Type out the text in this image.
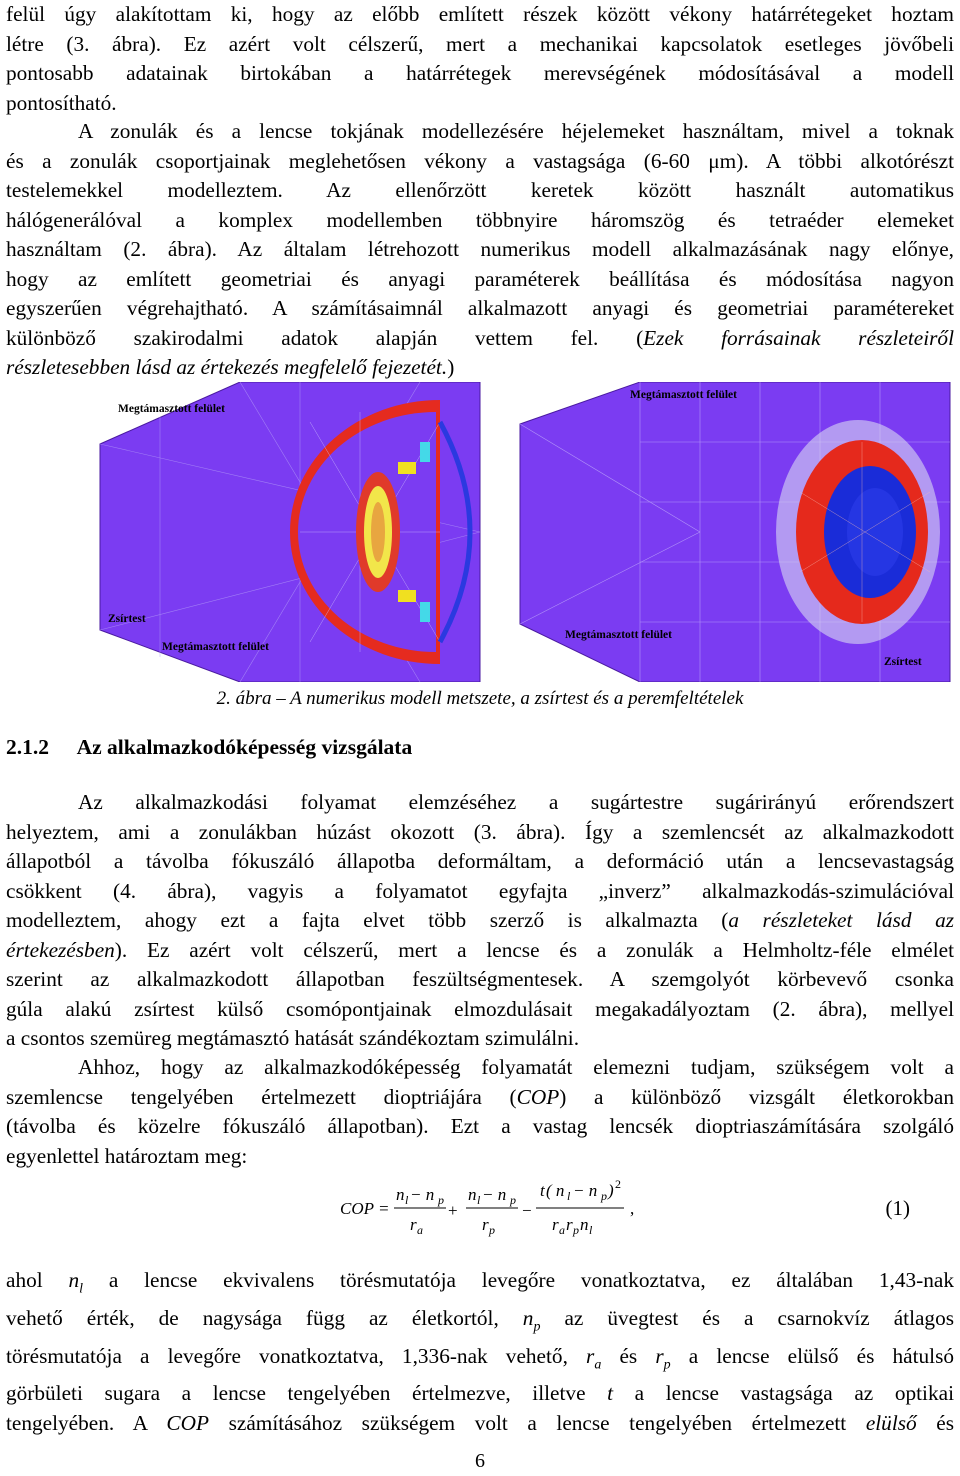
felül úgy alakítottam ki, hogy az előbb említett részek között vékony határrétegeket hoztam
létre (3. ábra). Ez azért volt célszerű, mert a mechanikai kapcsolatok esetleges jövőbeli
pontosabb adatainak birtokában a határrétegek merevségének módosításával a modell
pontosítható.
A zonulák és a lencse tokjának modellezésére héjelemeket használtam, mivel a toknak
és a zonulák csoportjainak meglehetősen vékony a vastagsága (6-60 μm). A többi alkotórészt
testelemekkel modelleztem. Az ellenőrzött keretek között használt automatikus
hálógenerálóval a komplex modellemben többnyire háromszög és tetraéder elemeket
használtam (2. ábra). Az általam létrehozott numerikus modell alkalmazásának nagy előnye,
hogy az említett geometriai és anyagi paraméterek beállítása és módosítása nagyon
egyszerűen végrehajtható. A számításaimnál alkalmazott anyagi és geometriai paramétereket
különböző szakirodalmi adatok alapján vettem fel. (Ezek forrásainak részleteiről
részletesebben lásd az értekezés megfelelő fejezetét.)
Megtámasztott felület
Zsírtest
Megtámasztott felület
Megtámasztott felület
Megtámasztott felület
Zsírtest
2. ábra – A numerikus modell metszete, a zsírtest és a peremfeltételek
2.1.2 Az alkalmazkodóképesség vizsgálata
Az alkalmazkodási folyamat elemzéséhez a sugártestre sugárirányú erőrendszert
helyeztem, ami a zonulákban húzást okozott (3. ábra). Így a szemlencsét az alkalmazkodott
állapotból a távolba fókuszáló állapotba deformáltam, a deformáció után a lencsevastagság
csökkent (4. ábra), vagyis a folyamatot egyfajta „inverz” alkalmazkodás-szimulációval
modelleztem, ahogy ezt a fajta elvet több szerző is alkalmazta (a részleteket lásd az
értekezésben). Ez azért volt célszerű, mert a lencse és a zonulák a Helmholtz-féle elmélet
szerint az alkalmazkodott állapotban feszültségmentesek. A szemgolyót körbevevő csonka
gúla alakú zsírtest külső csomópontjainak elmozdulásait megakadályoztam (2. ábra), mellyel
a csontos szemüreg megtámasztó hatását szándékoztam szimulálni.
Ahhoz, hogy az alkalmazkodóképesség folyamatát elemezni tudjam, szükségem volt a
szemlencse tengelyében értelmezett dioptriájára (COP) a különböző vizsgált életkorokban
(távolba és közelre fókuszáló állapotban). Ezt a vastag lencsék dioptriaszámítására szolgáló
egyenlettel határoztam meg:
COP =
n l − n p
r a
+
n l − n p
r p
−
t ( n l − n p ) 2
r a r p n l
,	(1)
ahol $n_l$ a lencse ekvivalens törésmutatója levegőre vonatkoztatva, ez általában 1,43-nak
vehető érték, de nagysága függ az életkortól, $n_p$ az üvegtest és a csarnokvíz átlagos
törésmutatója a levegőre vonatkoztatva, 1,336-nak vehető, $r_a$ és $r_p$ a lencse elülső és hátulsó
görbületi sugara a lencse tengelyében értelmezve, illetve t a lencse vastagsága az optikai
tengelyében. A COP számításához szükségem volt a lencse tengelyében értelmezett elülső és
6
